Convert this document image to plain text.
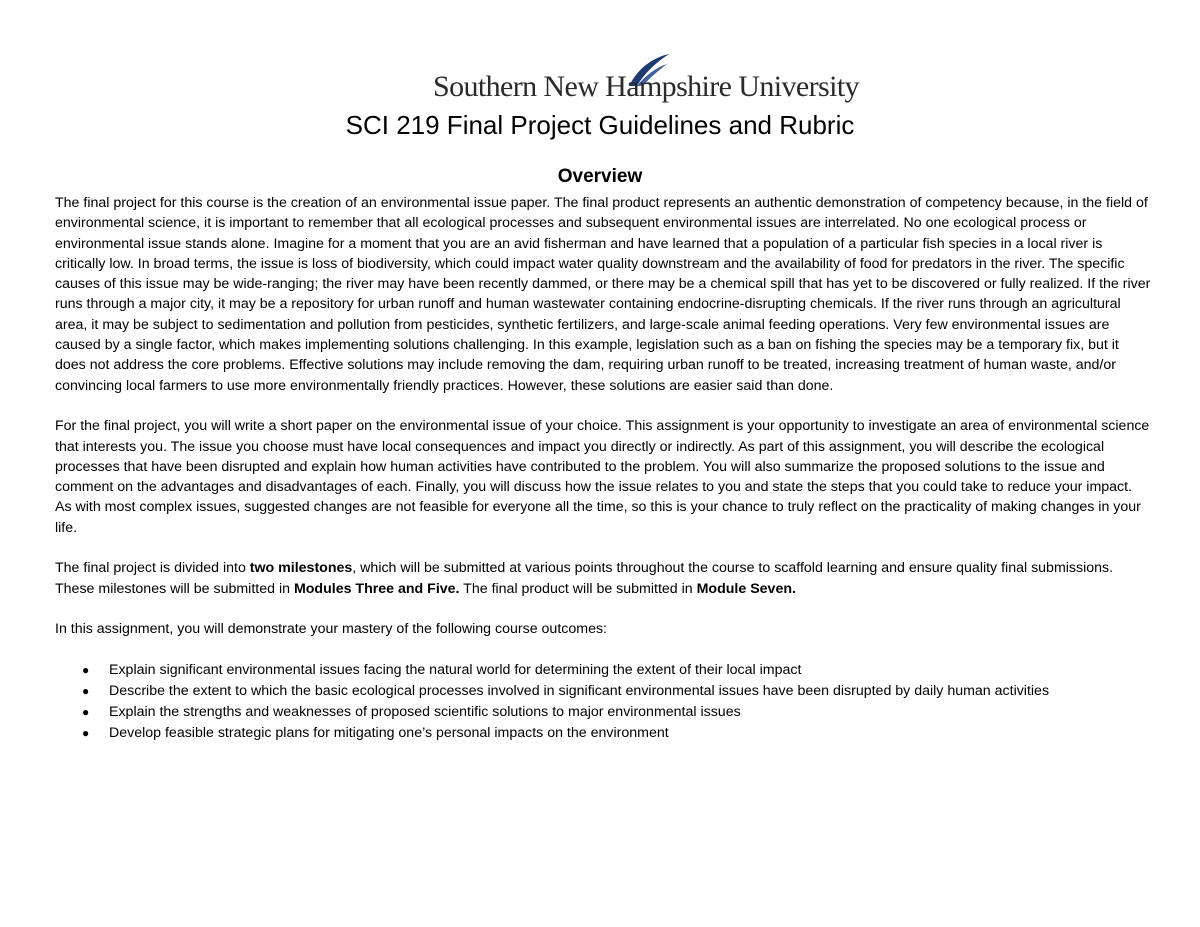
Southern New Hampshire University
SCI 219 Final Project Guidelines and Rubric
Overview

The final project for this course is the creation of an environmental issue paper. The final product represents an authentic demonstration of competency because, in the field of environmental science, it is important to remember that all ecological processes and subsequent environmental issues are interrelated. No one ecological process or environmental issue stands alone. Imagine for a moment that you are an avid fisherman and have learned that a population of a particular fish species in a local river is critically low. In broad terms, the issue is loss of biodiversity, which could impact water quality downstream and the availability of food for predators in the river. The specific causes of this issue may be wide-ranging; the river may have been recently dammed, or there may be a chemical spill that has yet to be discovered or fully realized. If the river runs through a major city, it may be a repository for urban runoff and human wastewater containing endocrine-disrupting chemicals. If the river runs through an agricultural area, it may be subject to sedimentation and pollution from pesticides, synthetic fertilizers, and large-scale animal feeding operations. Very few environmental issues are caused by a single factor, which makes implementing solutions challenging. In this example, legislation such as a ban on fishing the species may be a temporary fix, but it does not address the core problems. Effective solutions may include removing the dam, requiring urban runoff to be treated, increasing treatment of human waste, and/or convincing local farmers to use more environmentally friendly practices. However, these solutions are easier said than done.

For the final project, you will write a short paper on the environmental issue of your choice. This assignment is your opportunity to investigate an area of environmental science that interests you. The issue you choose must have local consequences and impact you directly or indirectly. As part of this assignment, you will describe the ecological processes that have been disrupted and explain how human activities have contributed to the problem. You will also summarize the proposed solutions to the issue and comment on the advantages and disadvantages of each. Finally, you will discuss how the issue relates to you and state the steps that you could take to reduce your impact. As with most complex issues, suggested changes are not feasible for everyone all the time, so this is your chance to truly reflect on the practicality of making changes in your life.

The final project is divided into two milestones, which will be submitted at various points throughout the course to scaffold learning and ensure quality final submissions. These milestones will be submitted in Modules Three and Five. The final product will be submitted in Module Seven.

In this assignment, you will demonstrate your mastery of the following course outcomes:

● Explain significant environmental issues facing the natural world for determining the extent of their local impact
● Describe the extent to which the basic ecological processes involved in significant environmental issues have been disrupted by daily human activities
● Explain the strengths and weaknesses of proposed scientific solutions to major environmental issues
● Develop feasible strategic plans for mitigating one’s personal impacts on the environment
